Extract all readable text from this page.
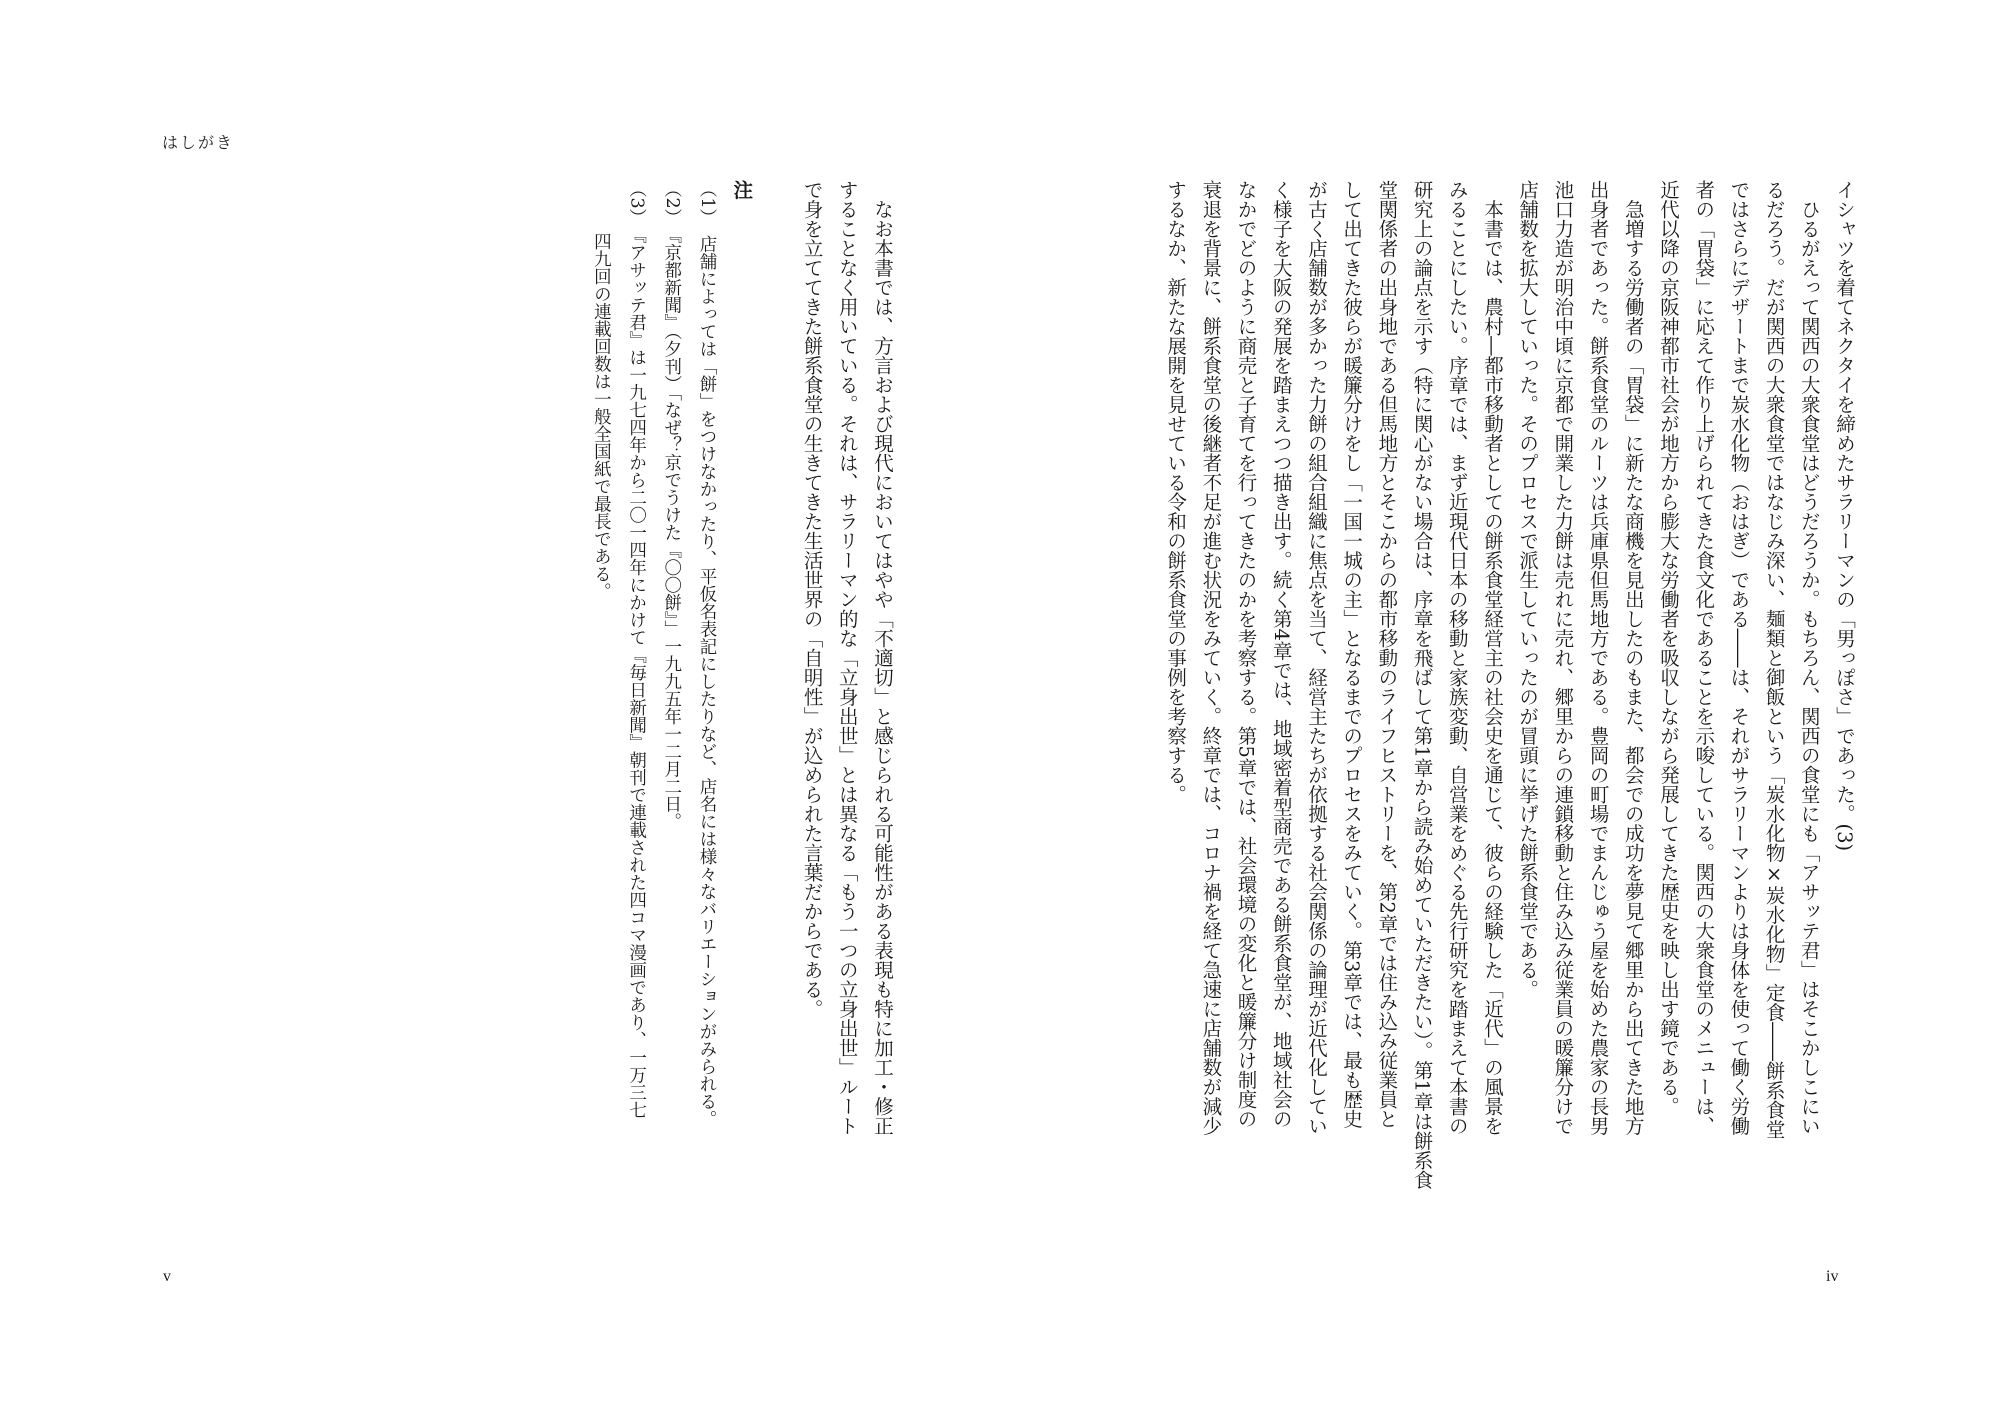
はしがき

イシャツを着てネクタイを締めたサラリーマンの「男っぽさ」であった。(3)

　ひるがえって関西の大衆食堂はどうだろうか。もちろん、関西の食堂にも「アサッテ君」はそこかしこにい

るだろう。だが関西の大衆食堂ではなじみ深い、麺類と御飯という「炭水化物×炭水化物」定食――餅系食堂

ではさらにデザートまで炭水化物（おはぎ）である――は、それがサラリーマンよりは身体を使って働く労働

者の「胃袋」に応えて作り上げられてきた食文化であることを示唆している。関西の大衆食堂のメニューは、

近代以降の京阪神都市社会が地方から膨大な労働者を吸収しながら発展してきた歴史を映し出す鏡である。

　急増する労働者の「胃袋」に新たな商機を見出したのもまた、都会での成功を夢見て郷里から出てきた地方

出身者であった。餅系食堂のルーツは兵庫県但馬地方である。豊岡の町場でまんじゅう屋を始めた農家の長男

池口力造が明治中頃に京都で開業した力餅は売れに売れ、郷里からの連鎖移動と住み込み従業員の暖簾分けで

店舗数を拡大していった。そのプロセスで派生していったのが冒頭に挙げた餅系食堂である。

　本書では、農村―都市移動者としての餅系食堂経営主の社会史を通じて、彼らの経験した「近代」の風景を

みることにしたい。序章では、まず近現代日本の移動と家族変動、自営業をめぐる先行研究を踏まえて本書の

研究上の論点を示す（特に関心がない場合は、序章を飛ばして第1章から読み始めていただきたい）。第1章は餅系食

堂関係者の出身地である但馬地方とそこからの都市移動のライフヒストリーを、第2章では住み込み従業員と

して出てきた彼らが暖簾分けをし「一国一城の主」となるまでのプロセスをみていく。第3章では、最も歴史

が古く店舗数が多かった力餅の組合組織に焦点を当て、経営主たちが依拠する社会関係の論理が近代化してい

く様子を大阪の発展を踏まえつつ描き出す。続く第4章では、地域密着型商売である餅系食堂が、地域社会の

なかでどのように商売と子育てを行ってきたのかを考察する。第5章では、社会環境の変化と暖簾分け制度の

衰退を背景に、餅系食堂の後継者不足が進む状況をみていく。終章では、コロナ禍を経て急速に店舗数が減少

するなか、新たな展開を見せている令和の餅系食堂の事例を考察する。

　なお本書では、方言および現代においてはやや「不適切」と感じられる可能性がある表現も特に加工・修正

することなく用いている。それは、サラリーマン的な「立身出世」とは異なる「もう一つの立身出世」ルート

で身を立ててきた餅系食堂の生きてきた生活世界の「自明性」が込められた言葉だからである。

注

（1）　店舗によっては「餅」をつけなかったり、平仮名表記にしたりなど、店名には様々なバリエーションがみられる。

（2）　『京都新聞』（夕刊）「なぜ？京でうけた『〇〇餅』」一九九五年一二月二日。

（3）　『アサッテ君』は一九七四年から二〇一四年にかけて『毎日新聞』朝刊で連載された四コマ漫画であり、一万三七

　　　四九回の連載回数は一般全国紙で最長である。

v	iv
